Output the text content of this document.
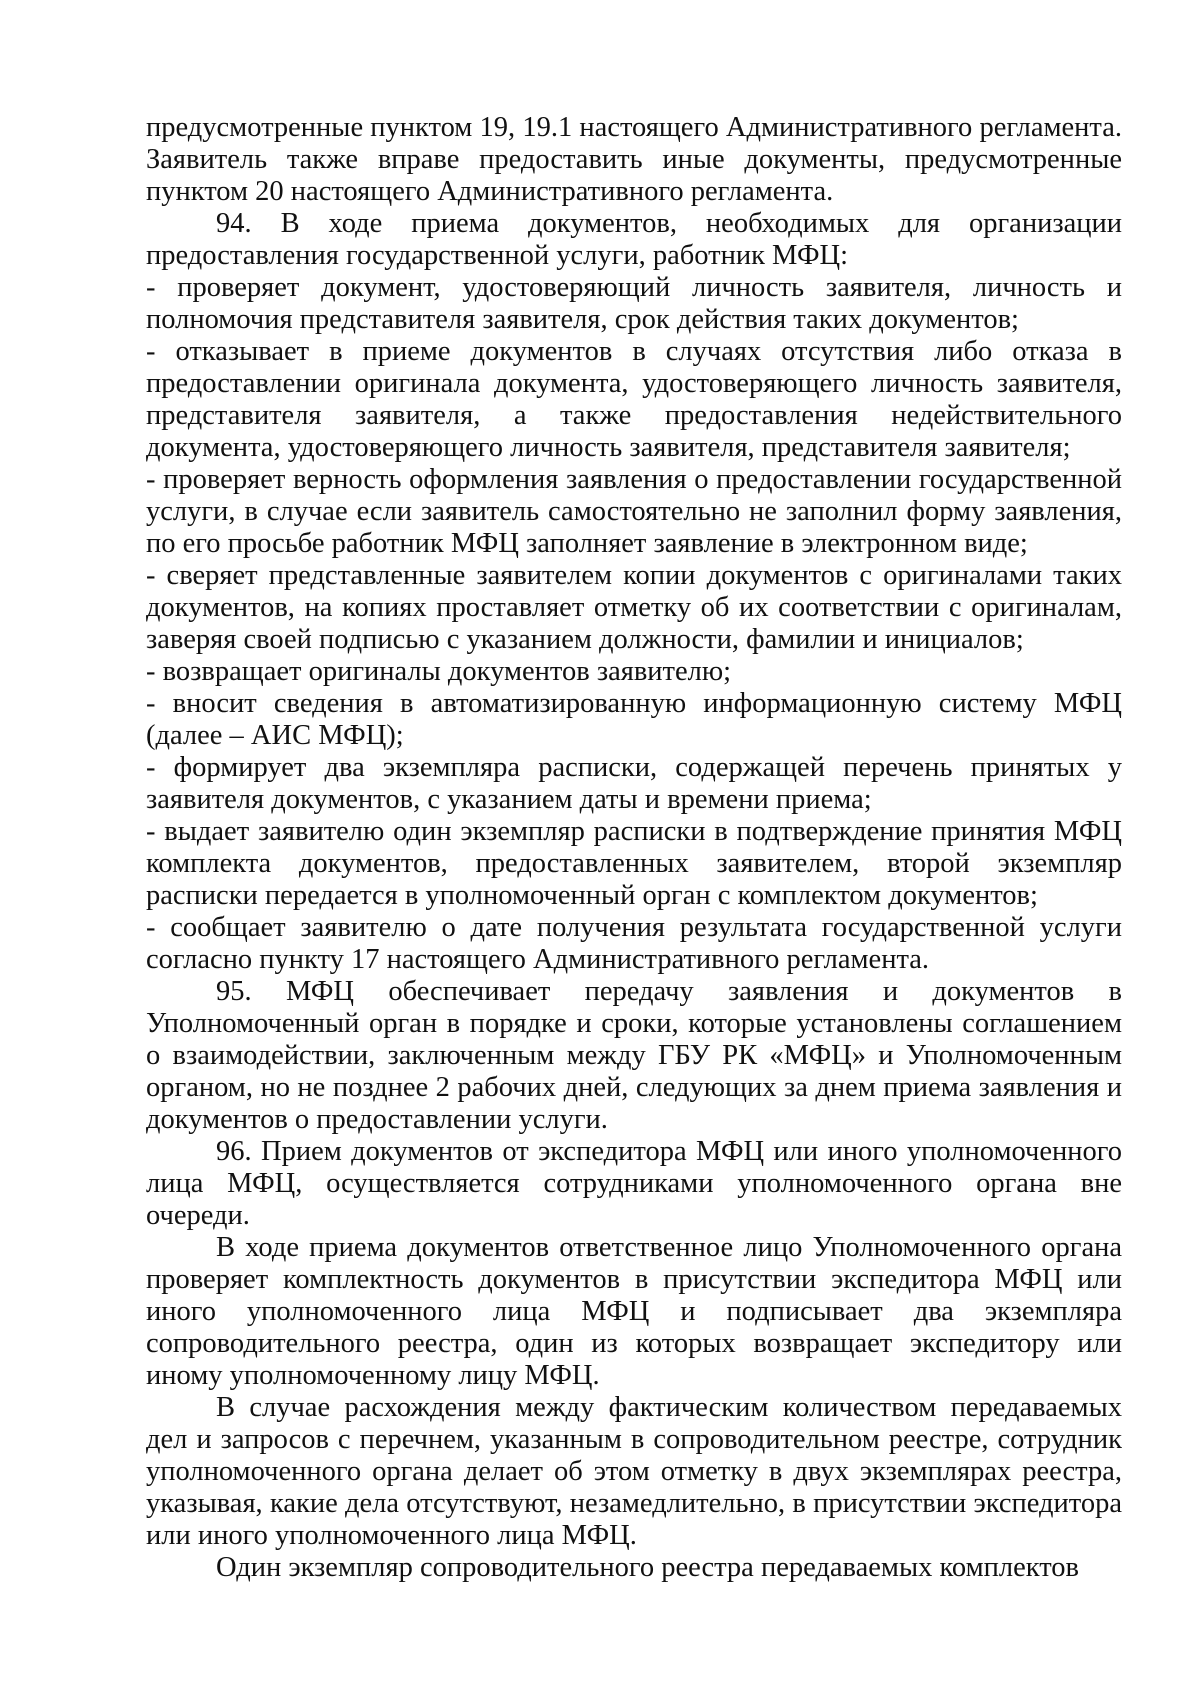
предусмотренные пунктом 19, 19.1 настоящего Административного регламента. Заявитель также вправе предоставить иные документы, предусмотренные пунктом 20 настоящего Административного регламента.

94. В ходе приема документов, необходимых для организации предоставления государственной услуги, работник МФЦ:

- проверяет документ, удостоверяющий личность заявителя, личность и полномочия представителя заявителя, срок действия таких документов;

- отказывает в приеме документов в случаях отсутствия либо отказа в предоставлении оригинала документа, удостоверяющего личность заявителя, представителя заявителя, а также предоставления недействительного документа, удостоверяющего личность заявителя, представителя заявителя;

- проверяет верность оформления заявления о предоставлении государственной услуги, в случае если заявитель самостоятельно не заполнил форму заявления, по его просьбе работник МФЦ заполняет заявление в электронном виде;

- сверяет представленные заявителем копии документов с оригиналами таких документов, на копиях проставляет отметку об их соответствии с оригиналам, заверяя своей подписью с указанием должности, фамилии и инициалов;

- возвращает оригиналы документов заявителю;

- вносит сведения в автоматизированную информационную систему МФЦ (далее – АИС МФЦ);

- формирует два экземпляра расписки, содержащей перечень принятых у заявителя документов, с указанием даты и времени приема;

- выдает заявителю один экземпляр расписки в подтверждение принятия МФЦ комплекта документов, предоставленных заявителем, второй экземпляр расписки передается в уполномоченный орган с комплектом документов;

- сообщает заявителю о дате получения результата государственной услуги согласно пункту 17 настоящего Административного регламента.

95. МФЦ обеспечивает передачу заявления и документов в Уполномоченный орган в порядке и сроки, которые установлены соглашением о взаимодействии, заключенным между ГБУ РК «МФЦ» и Уполномоченным органом, но не позднее 2 рабочих дней, следующих за днем приема заявления и документов о предоставлении услуги.

96. Прием документов от экспедитора МФЦ или иного уполномоченного лица МФЦ, осуществляется сотрудниками уполномоченного органа вне очереди.

В ходе приема документов ответственное лицо Уполномоченного органа проверяет комплектность документов в присутствии экспедитора МФЦ или иного уполномоченного лица МФЦ и подписывает два экземпляра сопроводительного реестра, один из которых возвращает экспедитору или иному уполномоченному лицу МФЦ.

В случае расхождения между фактическим количеством передаваемых дел и запросов с перечнем, указанным в сопроводительном реестре, сотрудник уполномоченного органа делает об этом отметку в двух экземплярах реестра, указывая, какие дела отсутствуют, незамедлительно, в присутствии экспедитора или иного уполномоченного лица МФЦ.

Один экземпляр сопроводительного реестра передаваемых комплектов
